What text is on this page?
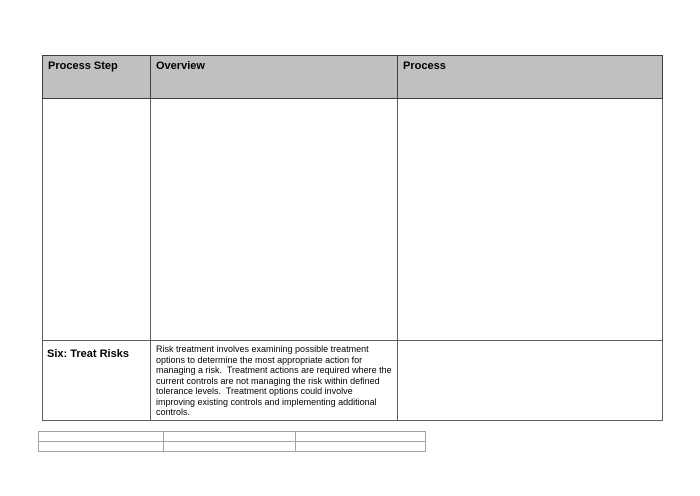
Process Step	Overview	Process

Six: Treat Risks	Risk treatment involves examining possible treatment options to determine the most appropriate action for managing a risk.  Treatment actions are required where the current controls are not managing the risk within defined tolerance levels.  Treatment options could involve improving existing controls and implementing additional controls.	
